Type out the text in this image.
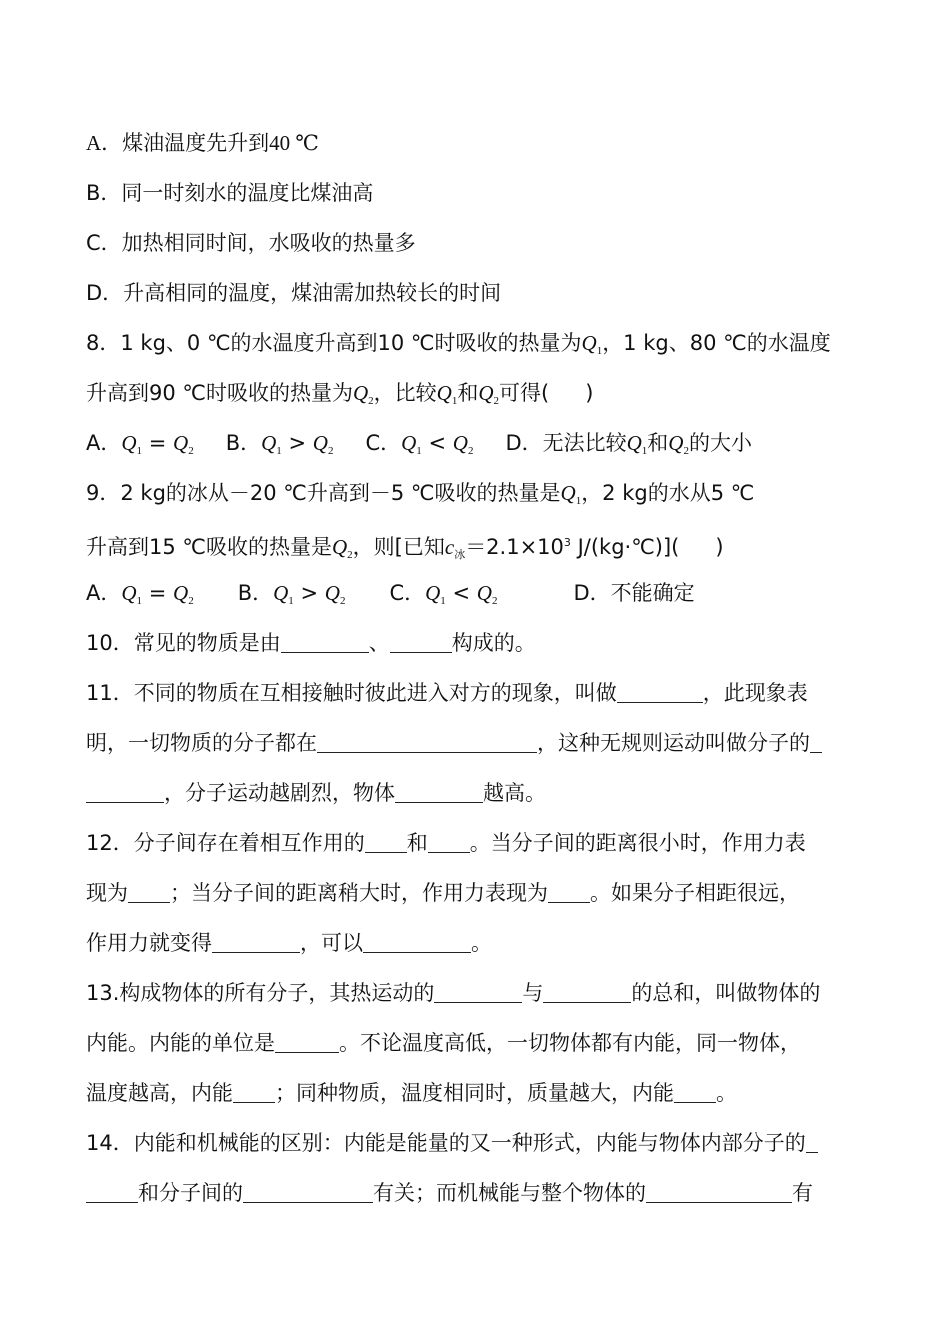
A．煤油温度先升到40 ℃
B．同一时刻水的温度比煤油高
C．加热相同时间，水吸收的热量多
D．升高相同的温度，煤油需加热较长的时间
8．1 kg、0 ℃的水温度升高到10 ℃时吸收的热量为$Q_1$，1 kg、80 ℃的水温度
升高到90 ℃时吸收的热量为$Q_2$，比较$Q_1$和$Q_2$可得( )
A．$Q_1 = Q_2$ B．$Q_1 > Q_2$ C．$Q_1 < Q_2$ D．无法比较$Q_1$和$Q_2$的大小
9．2 kg的冰从－20 ℃升高到－5 ℃吸收的热量是$Q_1$，2 kg的水从5 ℃
升高到15 ℃吸收的热量是$Q_2$，则[已知$c_冰=2.1\times 10^3$ J/(kg·℃)]( )
A．$Q_1 = Q_2$ B．$Q_1 > Q_2$ C．$Q_1 < Q_2$	D．不能确定
10．常见的物质是由	、	构成的。
11．不同的物质在互相接触时彼此进入对方的现象，叫做	，此现象表
明，一切物质的分子都在	，这种无规则运动叫做分子的
，分子运动越剧烈，物体	越高。
12．分子间存在着相互作用的 和 。当分子间的距离很小时，作用力表
现为 ；当分子间的距离稍大时，作用力表现为 。如果分子相距很远，
作用力就变得	，可以	。
13.构成物体的所有分子，其热运动的	与	的总和，叫做物体的
内能。内能的单位是	。不论温度高低，一切物体都有内能，同一物体，
温度越高，内能 ；同种物质，温度相同时，质量越大，内能 。
14．内能和机械能的区别：内能是能量的又一种形式，内能与物体内部分子的
和分子间的	有关；而机械能与整个物体的	有
